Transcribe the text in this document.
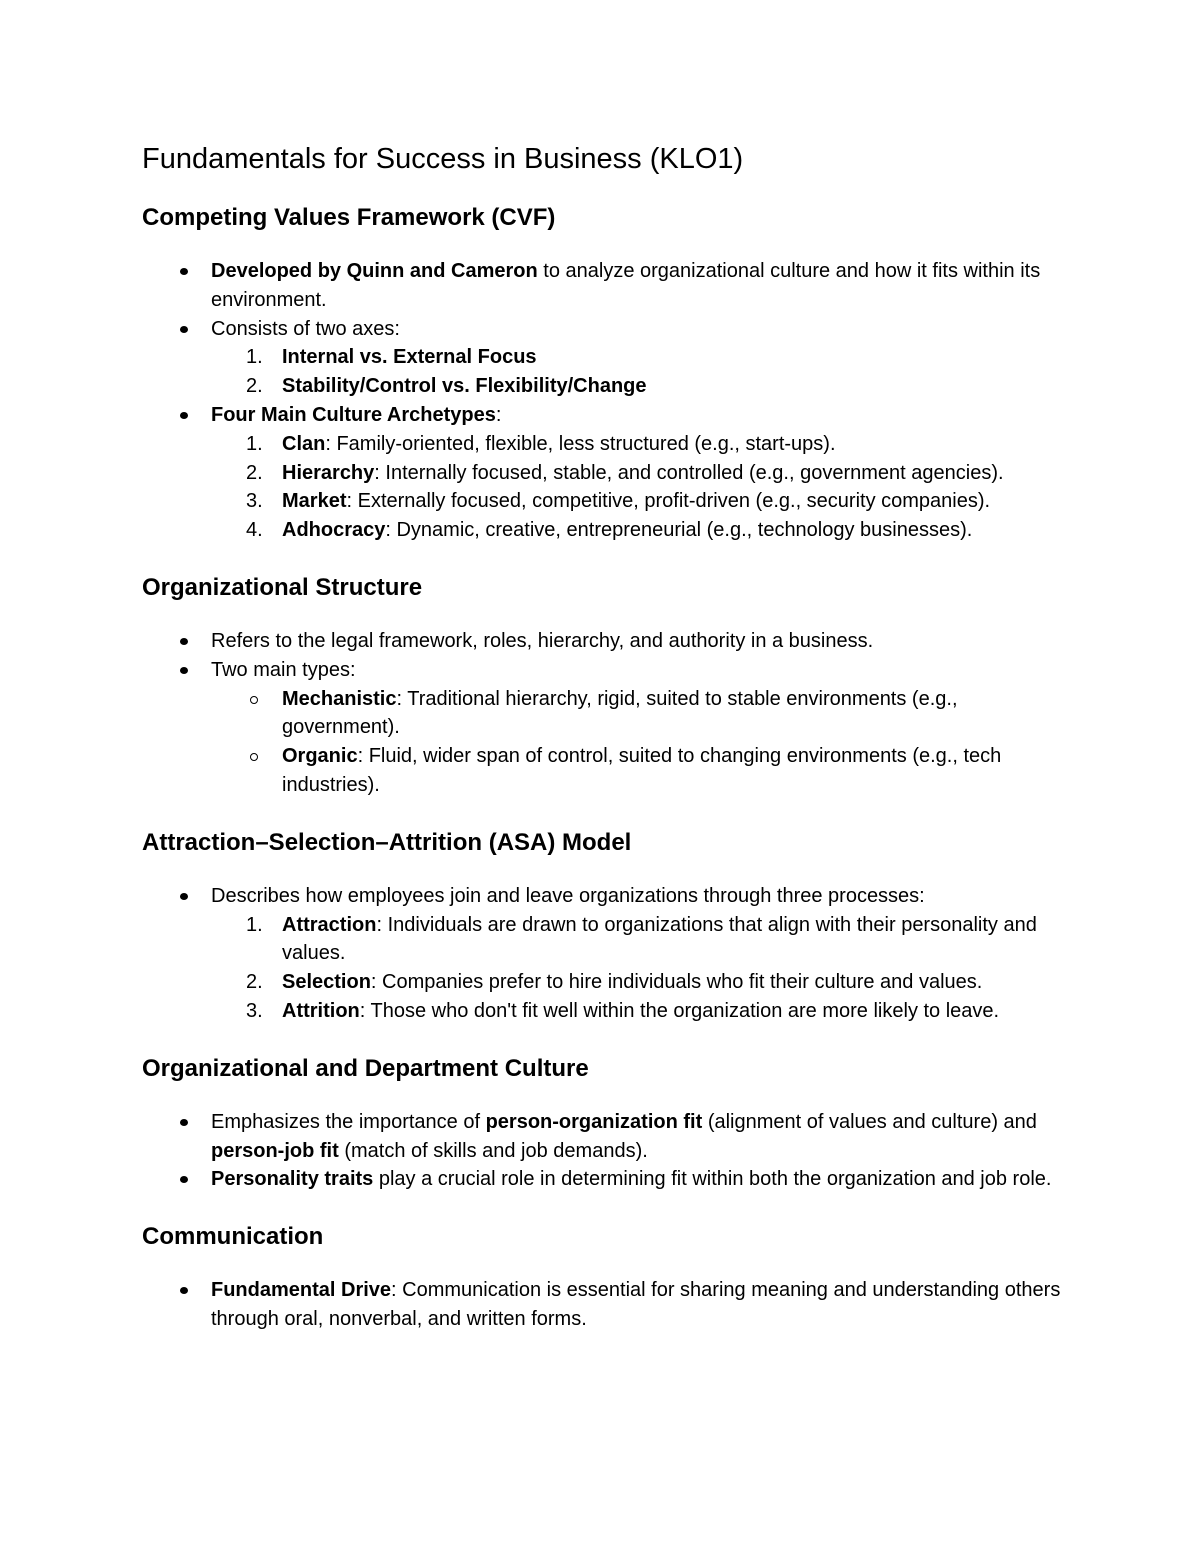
Fundamentals for Success in Business (KLO1)
Competing Values Framework (CVF)
Developed by Quinn and Cameron to analyze organizational culture and how it fits within its environment.
Consists of two axes:
1. Internal vs. External Focus
2. Stability/Control vs. Flexibility/Change
Four Main Culture Archetypes:
1. Clan: Family-oriented, flexible, less structured (e.g., start-ups).
2. Hierarchy: Internally focused, stable, and controlled (e.g., government agencies).
3. Market: Externally focused, competitive, profit-driven (e.g., security companies).
4. Adhocracy: Dynamic, creative, entrepreneurial (e.g., technology businesses).
Organizational Structure
Refers to the legal framework, roles, hierarchy, and authority in a business.
Two main types:
Mechanistic: Traditional hierarchy, rigid, suited to stable environments (e.g., government).
Organic: Fluid, wider span of control, suited to changing environments (e.g., tech industries).
Attraction–Selection–Attrition (ASA) Model
Describes how employees join and leave organizations through three processes:
1. Attraction: Individuals are drawn to organizations that align with their personality and values.
2. Selection: Companies prefer to hire individuals who fit their culture and values.
3. Attrition: Those who don't fit well within the organization are more likely to leave.
Organizational and Department Culture
Emphasizes the importance of person-organization fit (alignment of values and culture) and person-job fit (match of skills and job demands).
Personality traits play a crucial role in determining fit within both the organization and job role.
Communication
Fundamental Drive: Communication is essential for sharing meaning and understanding others through oral, nonverbal, and written forms.
